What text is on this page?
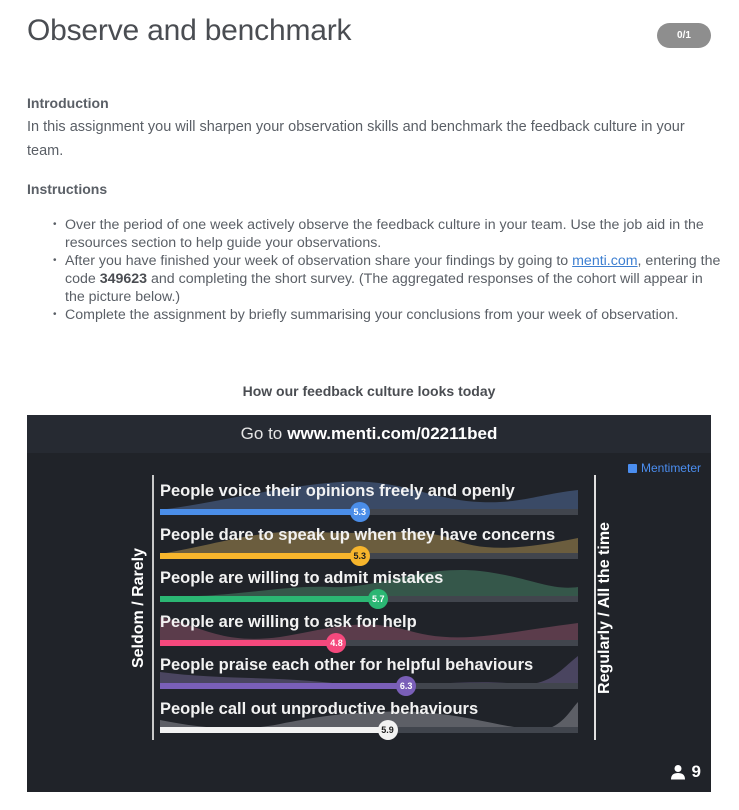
Observe and benchmark	0/1
Introduction

In this assignment you will sharpen your observation skills and benchmark the feedback culture in your team.

Instructions
• Over the period of one week actively observe the feedback culture in your team. Use the job aid in the resources section to help guide your observations.
• After you have finished your week of observation share your findings by going to menti.com, entering the code 349623 and completing the short survey. (The aggregated responses of the cohort will appear in the picture below.)
• Complete the assignment by briefly summarising your conclusions from your week of observation.
How our feedback culture looks today
Go to www.menti.com/02211bed
Mentimeter
Seldom / Rarely	Regularly / All the time
People voice their opinions freely and openly
5.3
People dare to speak up when they have concerns
5.3
People are willing to admit mistakes
5.7
People are willing to ask for help
4.8
People praise each other for helpful behaviours
6.3
People call out unproductive behaviours
5.9
9
